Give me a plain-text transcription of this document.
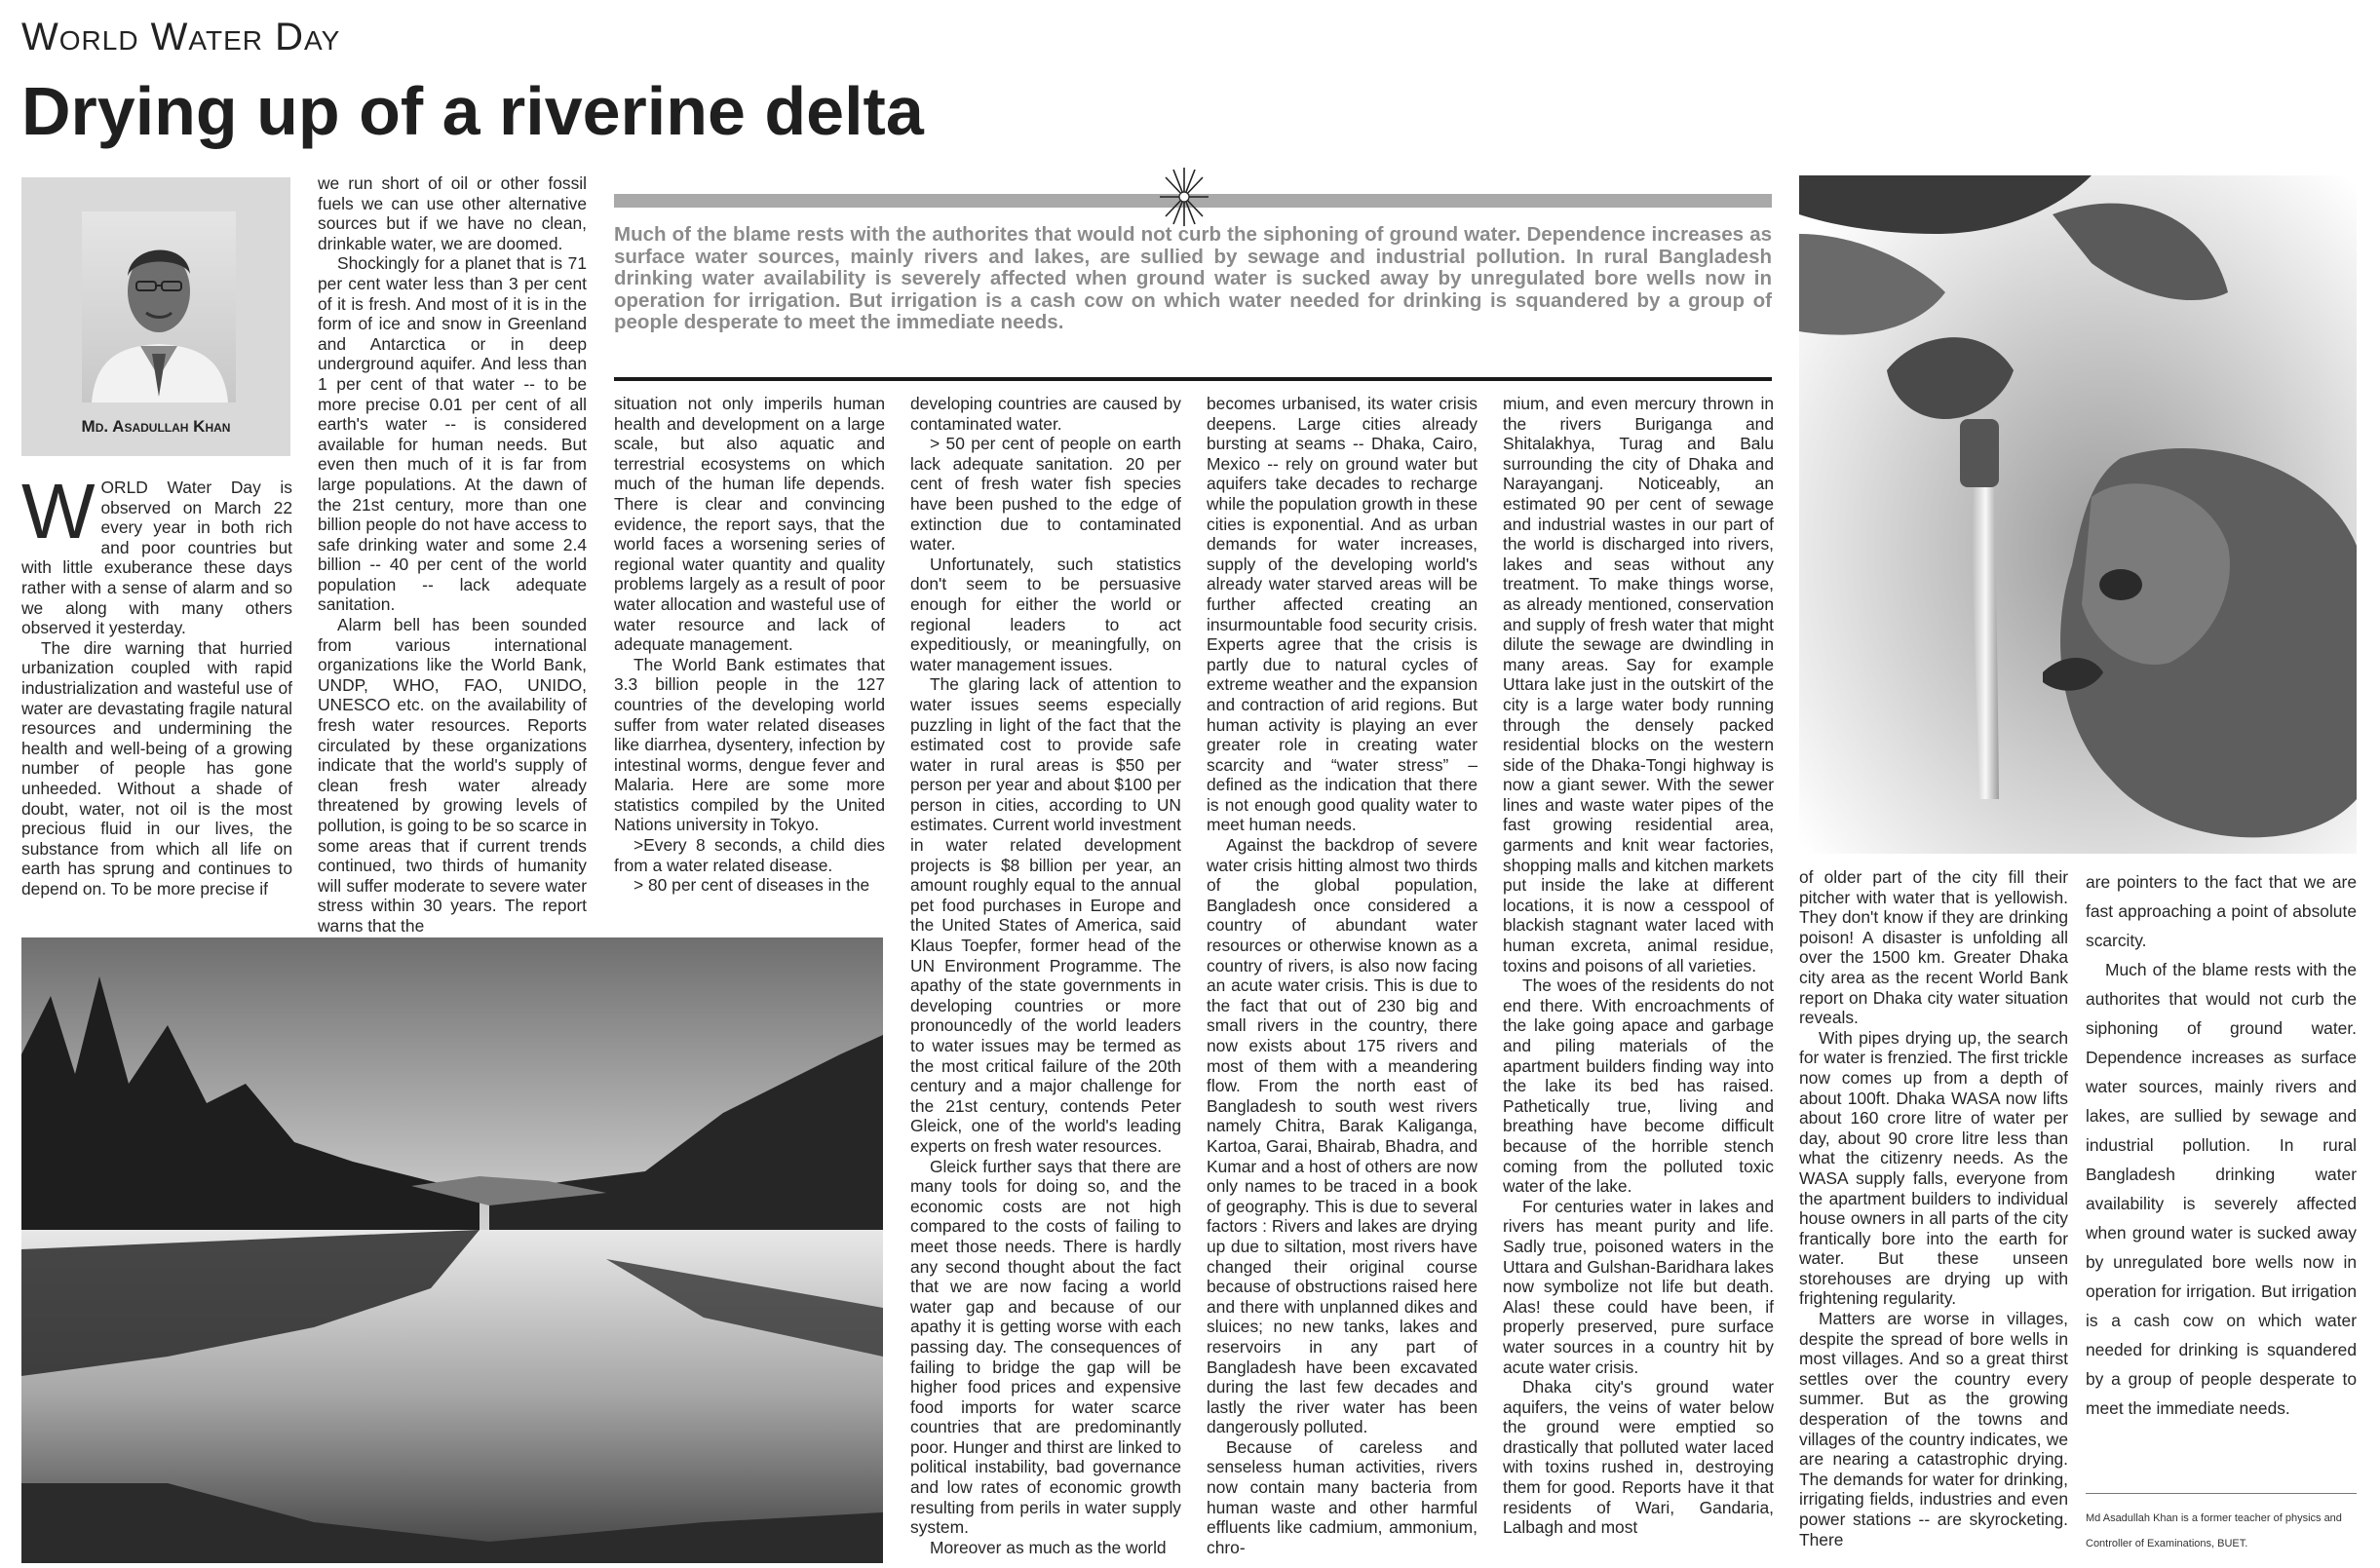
World Water Day
Drying up of a riverine delta
Md. Asadullah Khan
Much of the blame rests with the authorites that would not curb the siphoning of ground water. Dependence increases as surface water sources, mainly rivers and lakes, are sullied by sewage and industrial pollution. In rural Bangladesh drinking water availability is severely affected when ground water is sucked away by unregulated bore wells now in operation for irrigation. But irrigation is a cash cow on which water needed for drinking is squandered by a group of people desperate to meet the immediate needs.

WORLD Water Day is observed on March 22 every year in both rich and poor countries but with little exuberance these days rather with a sense of alarm and so we along with many others observed it yesterday.

The dire warning that hurried urbanization coupled with rapid industrialization and wasteful use of water are devastating fragile natural resources and undermining the health and well-being of a growing number of people has gone unheeded. Without a shade of doubt, water, not oil is the most precious fluid in our lives, the substance from which all life on earth has sprung and continues to depend on. To be more precise if

we run short of oil or other fossil fuels we can use other alternative sources but if we have no clean, drinkable water, we are doomed.

Shockingly for a planet that is 71 per cent water less than 3 per cent of it is fresh. And most of it is in the form of ice and snow in Greenland and Antarctica or in deep underground aquifer. And less than 1 per cent of that water -- to be more precise 0.01 per cent of all earth's water -- is considered available for human needs. But even then much of it is far from large populations. At the dawn of the 21st century, more than one billion people do not have access to safe drinking water and some 2.4 billion -- 40 per cent of the world population -- lack adequate sanitation.

Alarm bell has been sounded from various international organizations like the World Bank, UNDP, WHO, FAO, UNIDO, UNESCO etc. on the availability of fresh water resources. Reports circulated by these organizations indicate that the world's supply of clean fresh water already threatened by growing levels of pollution, is going to be so scarce in some areas that if current trends continued, two thirds of humanity will suffer moderate to severe water stress within 30 years. The report warns that the

situation not only imperils human health and development on a large scale, but also aquatic and terrestrial ecosystems on which much of the human life depends. There is clear and convincing evidence, the report says, that the world faces a worsening series of regional water quantity and quality problems largely as a result of poor water allocation and wasteful use of water resource and lack of adequate management.

The World Bank estimates that 3.3 billion people in the 127 countries of the developing world suffer from water related diseases like diarrhea, dysentery, infection by intestinal worms, dengue fever and Malaria. Here are some more statistics compiled by the United Nations university in Tokyo.

>Every 8 seconds, a child dies from a water related disease.

> 80 per cent of diseases in the

developing countries are caused by contaminated water.

> 50 per cent of people on earth lack adequate sanitation. 20 per cent of fresh water fish species have been pushed to the edge of extinction due to contaminated water.

Unfortunately, such statistics don't seem to be persuasive enough for either the world or regional leaders to act expeditiously, or meaningfully, on water management issues.

The glaring lack of attention to water issues seems especially puzzling in light of the fact that the estimated cost to provide safe water in rural areas is $50 per person per year and about $100 per person in cities, according to UN estimates. Current world investment in water related development projects is $8 billion per year, an amount roughly equal to the annual pet food purchases in Europe and the United States of America, said Klaus Toepfer, former head of the UN Environment Programme. The apathy of the state governments in developing countries or more pronouncedly of the world leaders to water issues may be termed as the most critical failure of the 20th century and a major challenge for the 21st century, contends Peter Gleick, one of the world's leading experts on fresh water resources.

Gleick further says that there are many tools for doing so, and the economic costs are not high compared to the costs of failing to meet those needs. There is hardly any second thought about the fact that we are now facing a world water gap and because of our apathy it is getting worse with each passing day. The consequences of failing to bridge the gap will be higher food prices and expensive food imports for water scarce countries that are predominantly poor. Hunger and thirst are linked to political instability, bad governance and low rates of economic growth resulting from perils in water supply system.

Moreover as much as the world

becomes urbanised, its water crisis deepens. Large cities already bursting at seams -- Dhaka, Cairo, Mexico -- rely on ground water but aquifers take decades to recharge while the population growth in these cities is exponential. And as urban demands for water increases, supply of the developing world's already water starved areas will be further affected creating an insurmountable food security crisis. Experts agree that the crisis is partly due to natural cycles of extreme weather and the expansion and contraction of arid regions. But human activity is playing an ever greater role in creating water scarcity and “water stress” – defined as the indication that there is not enough good quality water to meet human needs.

Against the backdrop of severe water crisis hitting almost two thirds of the global population, Bangladesh once considered a country of abundant water resources or otherwise known as a country of rivers, is also now facing an acute water crisis. This is due to the fact that out of 230 big and small rivers in the country, there now exists about 175 rivers and most of them with a meandering flow. From the north east of Bangladesh to south west rivers namely Chitra, Barak Kaliganga, Kartoa, Garai, Bhairab, Bhadra, and Kumar and a host of others are now only names to be traced in a book of geography. This is due to several factors : Rivers and lakes are drying up due to siltation, most rivers have changed their original course because of obstructions raised here and there with unplanned dikes and sluices; no new tanks, lakes and reservoirs in any part of Bangladesh have been excavated during the last few decades and lastly the river water has been dangerously polluted.

Because of careless and senseless human activities, rivers now contain many bacteria from human waste and other harmful effluents like cadmium, ammonium, chro-

mium, and even mercury thrown in the rivers Buriganga and Shitalakhya, Turag and Balu surrounding the city of Dhaka and Narayanganj. Noticeably, an estimated 90 per cent of sewage and industrial wastes in our part of the world is discharged into rivers, lakes and seas without any treatment. To make things worse, as already mentioned, conservation and supply of fresh water that might dilute the sewage are dwindling in many areas. Say for example Uttara lake just in the outskirt of the city is a large water body running through the densely packed residential blocks on the western side of the Dhaka-Tongi highway is now a giant sewer. With the sewer lines and waste water pipes of the fast growing residential area, garments and knit wear factories, shopping malls and kitchen markets put inside the lake at different locations, it is now a cesspool of blackish stagnant water laced with human excreta, animal residue, toxins and poisons of all varieties.

The woes of the residents do not end there. With encroachments of the lake going apace and garbage and piling materials of the apartment builders finding way into the lake its bed has raised. Pathetically true, living and breathing have become difficult because of the horrible stench coming from the polluted toxic water of the lake.

For centuries water in lakes and rivers has meant purity and life. Sadly true, poisoned waters in the Uttara and Gulshan-Baridhara lakes now symbolize not life but death. Alas! these could have been, if properly preserved, pure surface water sources in a country hit by acute water crisis.

Dhaka city's ground water aquifers, the veins of water below the ground were emptied so drastically that polluted water laced with toxins rushed in, destroying them for good. Reports have it that residents of Wari, Gandaria, Lalbagh and most

of older part of the city fill their pitcher with water that is yellowish. They don't know if they are drinking poison! A disaster is unfolding all over the 1500 km. Greater Dhaka city area as the recent World Bank report on Dhaka city water situation reveals.

With pipes drying up, the search for water is frenzied. The first trickle now comes up from a depth of about 100ft. Dhaka WASA now lifts about 160 crore litre of water per day, about 90 crore litre less than what the citizenry needs. As the WASA supply falls, everyone from the apartment builders to individual house owners in all parts of the city frantically bore into the earth for water. But these unseen storehouses are drying up with frightening regularity.

Matters are worse in villages, despite the spread of bore wells in most villages. And so a great thirst settles over the country every summer. But as the growing desperation of the towns and villages of the country indicates, we are nearing a catastrophic drying. The demands for water for drinking, irrigating fields, industries and even power stations -- are skyrocketing. There

are pointers to the fact that we are fast approaching a point of absolute scarcity.

Much of the blame rests with the authorites that would not curb the siphoning of ground water. Dependence increases as surface water sources, mainly rivers and lakes, are sullied by sewage and industrial pollution. In rural Bangladesh drinking water availability is severely affected when ground water is sucked away by unregulated bore wells now in operation for irrigation. But irrigation is a cash cow on which water needed for drinking is squandered by a group of people desperate to meet the immediate needs.

Md Asadullah Khan is a former teacher of physics and Controller of Examinations, BUET.
